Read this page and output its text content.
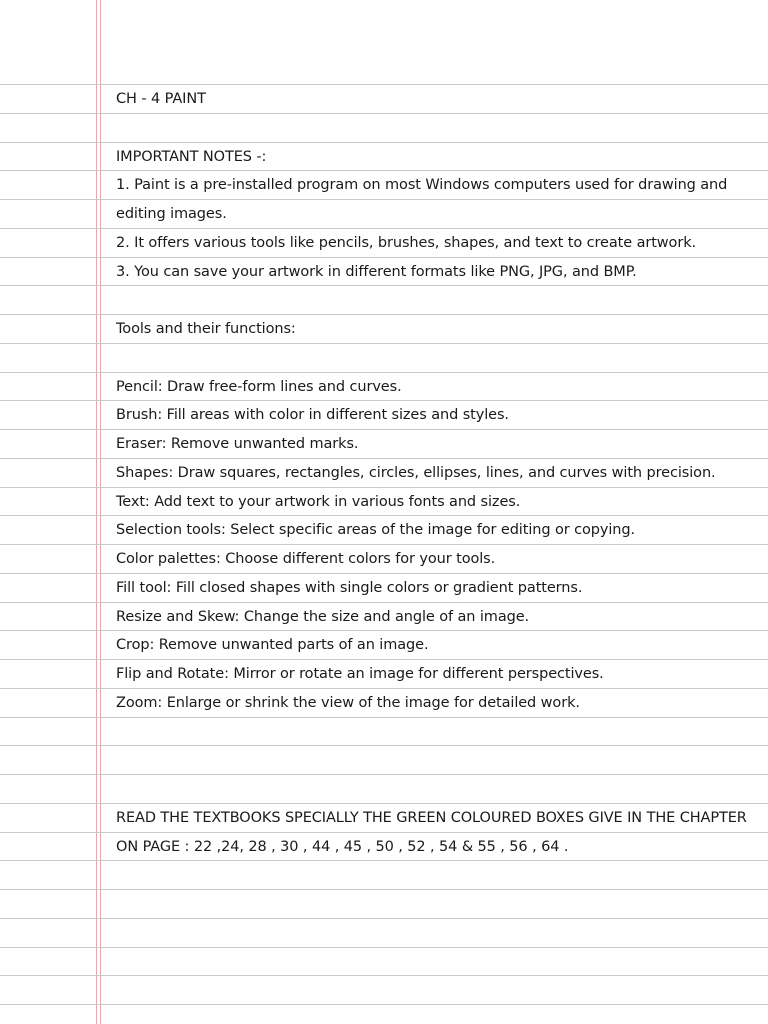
CH - 4 PAINT
IMPORTANT NOTES -:
1. Paint is a pre-installed program on most Windows computers used for drawing and
editing images.
2. It offers various tools like pencils, brushes, shapes, and text to create artwork.
3. You can save your artwork in different formats like PNG, JPG, and BMP.
Tools and their functions:
Pencil: Draw free-form lines and curves.
Brush: Fill areas with color in different sizes and styles.
Eraser: Remove unwanted marks.
Shapes: Draw squares, rectangles, circles, ellipses, lines, and curves with precision.
Text: Add text to your artwork in various fonts and sizes.
Selection tools: Select specific areas of the image for editing or copying.
Color palettes: Choose different colors for your tools.
Fill tool: Fill closed shapes with single colors or gradient patterns.
Resize and Skew: Change the size and angle of an image.
Crop: Remove unwanted parts of an image.
Flip and Rotate: Mirror or rotate an image for different perspectives.
Zoom: Enlarge or shrink the view of the image for detailed work.
READ THE TEXTBOOKS SPECIALLY THE GREEN COLOURED BOXES GIVE IN THE CHAPTER
ON PAGE : 22 ,24, 28 , 30 , 44 , 45 , 50 , 52 , 54 & 55 , 56 , 64 .
